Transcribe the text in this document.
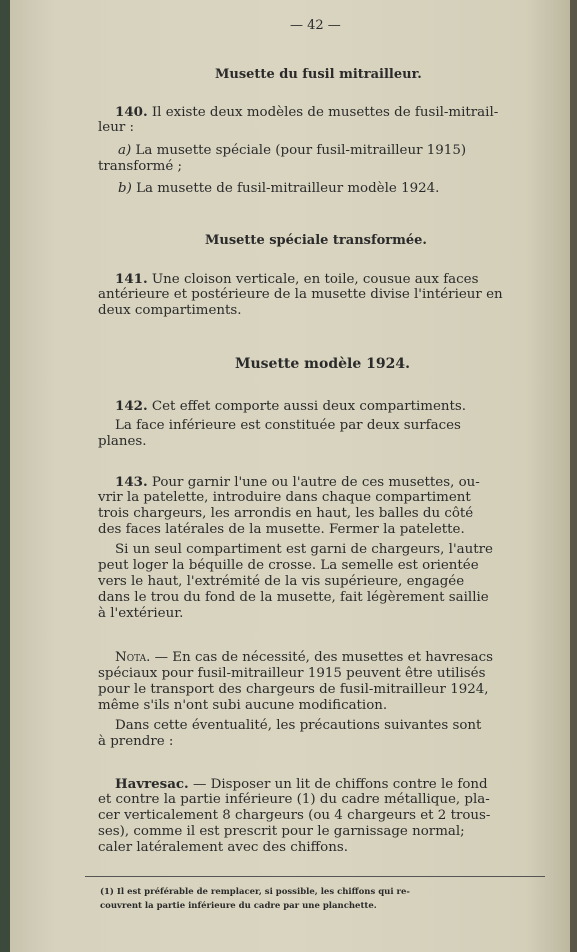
— 42 —
Musette du fusil mitrailleur.

140. Il existe deux modèles de musettes de fusil-mitrail-

leur :

a) La musette spéciale (pour fusil-mitrailleur 1915)

transformé ;

b) La musette de fusil-mitrailleur modèle 1924.

Musette spéciale transformée.

141. Une cloison verticale, en toile, cousue aux faces

antérieure et postérieure de la musette divise l'intérieur en

deux compartiments.

Musette modèle 1924.

142. Cet effet comporte aussi deux compartiments.

La face inférieure est constituée par deux surfaces

planes.

143. Pour garnir l'une ou l'autre de ces musettes, ou-

vrir la patelette, introduire dans chaque compartiment

trois chargeurs, les arrondis en haut, les balles du côté

des faces latérales de la musette. Fermer la patelette.

Si un seul compartiment est garni de chargeurs, l'autre

peut loger la béquille de crosse. La semelle est orientée

vers le haut, l'extrémité de la vis supérieure, engagée

dans le trou du fond de la musette, fait légèrement saillie

à l'extérieur.

Nota. — En cas de nécessité, des musettes et havresacs

spéciaux pour fusil-mitrailleur 1915 peuvent être utilisés

pour le transport des chargeurs de fusil-mitrailleur 1924,

même s'ils n'ont subi aucune modification.

Dans cette éventualité, les précautions suivantes sont

à prendre :

Havresac. — Disposer un lit de chiffons contre le fond

et contre la partie inférieure (1) du cadre métallique, pla-

cer verticalement 8 chargeurs (ou 4 chargeurs et 2 trous-

ses), comme il est prescrit pour le garnissage normal;

caler latéralement avec des chiffons.

(1) Il est préférable de remplacer, si possible, les chiffons qui re-
couvrent la partie inférieure du cadre par une planchette.
